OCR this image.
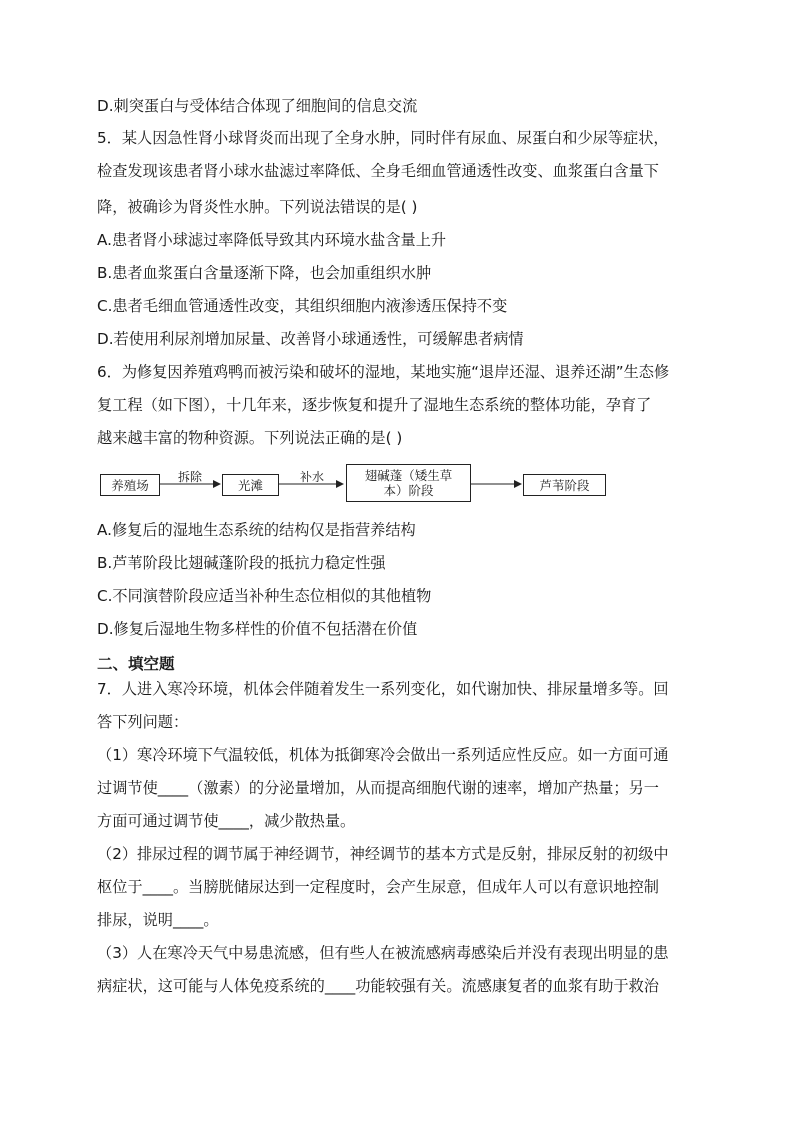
D.刺突蛋白与受体结合体现了细胞间的信息交流
5．某人因急性肾小球肾炎而出现了全身水肿，同时伴有尿血、尿蛋白和少尿等症状，
检查发现该患者肾小球水盐滤过率降低、全身毛细血管通透性改变、血浆蛋白含量下
降，被确诊为肾炎性水肿。下列说法错误的是( )
A.患者肾小球滤过率降低导致其内环境水盐含量上升
B.患者血浆蛋白含量逐渐下降，也会加重组织水肿
C.患者毛细血管通透性改变，其组织细胞内液渗透压保持不变
D.若使用利尿剂增加尿量、改善肾小球通透性，可缓解患者病情
6．为修复因养殖鸡鸭而被污染和破坏的湿地，某地实施“退岸还湿、退养还湖”生态修
复工程（如下图），十几年来，逐步恢复和提升了湿地生态系统的整体功能，孕育了
越来越丰富的物种资源。下列说法正确的是( )
养殖场	光滩
翅碱蓬（矮生草本）阶段	芦苇阶段
拆除	补水
A.修复后的湿地生态系统的结构仅是指营养结构
B.芦苇阶段比翅碱蓬阶段的抵抗力稳定性强
C.不同演替阶段应适当补种生态位相似的其他植物
D.修复后湿地生物多样性的价值不包括潜在价值
二、填空题
7．人进入寒冷环境，机体会伴随着发生一系列变化，如代谢加快、排尿量增多等。回
答下列问题：
（1）寒冷环境下气温较低，机体为抵御寒冷会做出一系列适应性反应。如一方面可通
过调节使____（激素）的分泌量增加，从而提高细胞代谢的速率，增加产热量；另一
方面可通过调节使____，减少散热量。
（2）排尿过程的调节属于神经调节，神经调节的基本方式是反射，排尿反射的初级中
枢位于____。当膀胱储尿达到一定程度时，会产生尿意，但成年人可以有意识地控制
排尿，说明____。
（3）人在寒冷天气中易患流感，但有些人在被流感病毒感染后并没有表现出明显的患
病症状，这可能与人体免疫系统的____功能较强有关。流感康复者的血浆有助于救治
